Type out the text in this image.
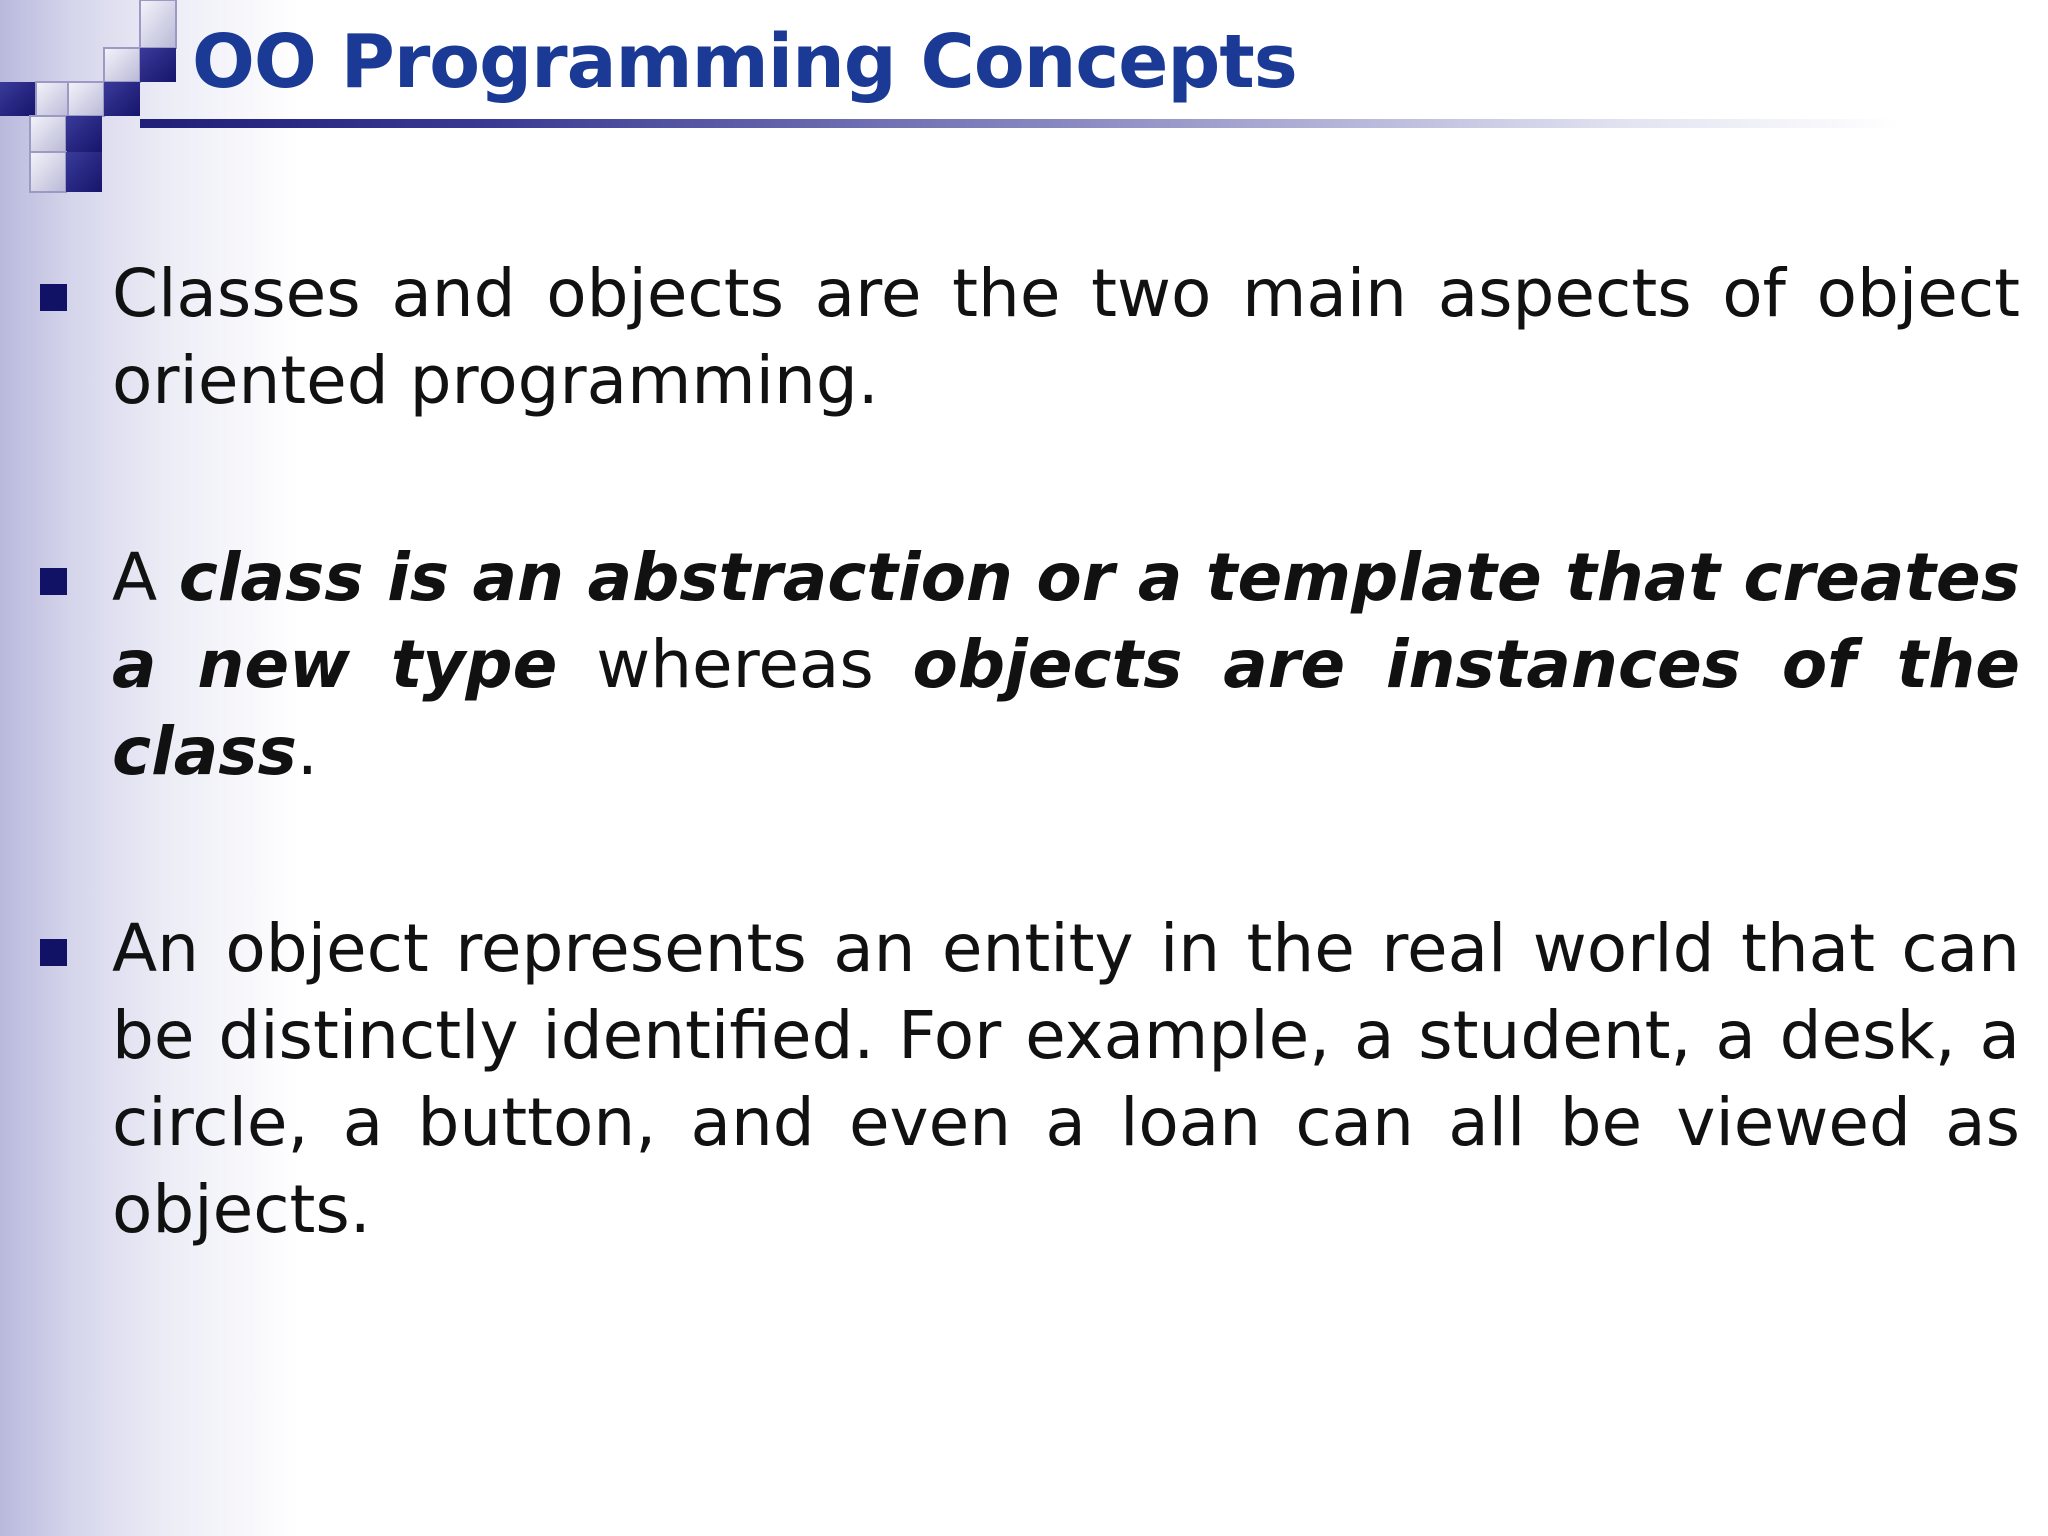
OO Programming Concepts

Classes and objects are the two main aspects of object oriented programming.

A class is an abstraction or a template that creates a new type whereas objects are instances of the class.

An object represents an entity in the real world that can be distinctly identified. For example, a student, a desk, a circle, a button, and even a loan can all be viewed as objects.
